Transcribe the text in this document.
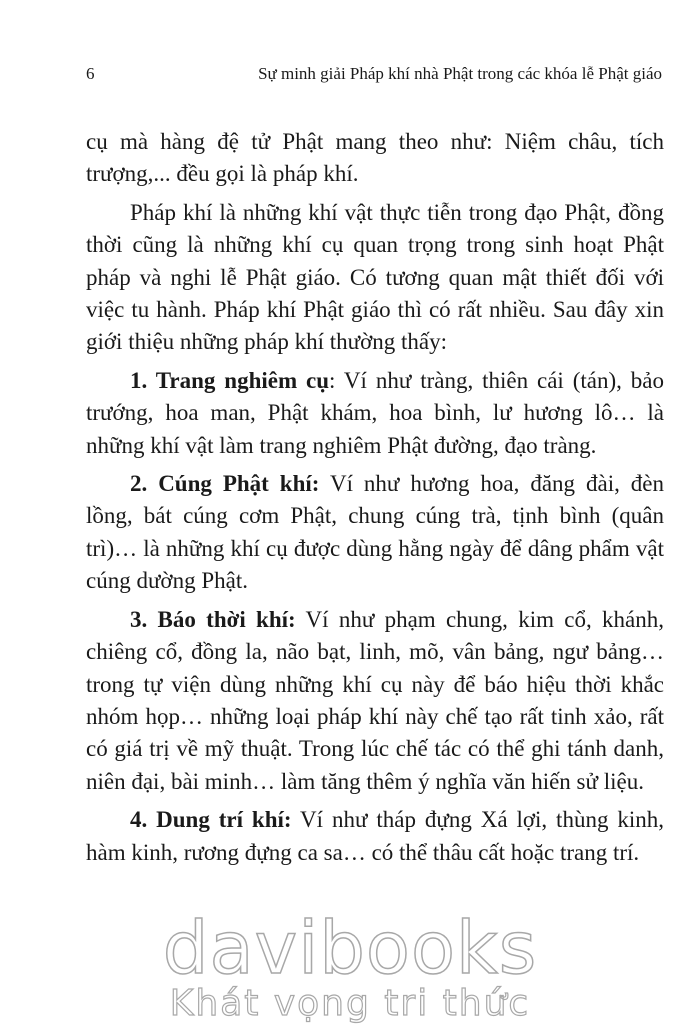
6	Sự minh giải Pháp khí nhà Phật trong các khóa lễ Phật giáo

cụ mà hàng đệ tử Phật mang theo như: Niệm châu, tích trượng,... đều gọi là pháp khí.

Pháp khí là những khí vật thực tiễn trong đạo Phật, đồng thời cũng là những khí cụ quan trọng trong sinh hoạt Phật pháp và nghi lễ Phật giáo. Có tương quan mật thiết đối với việc tu hành. Pháp khí Phật giáo thì có rất nhiều. Sau đây xin giới thiệu những pháp khí thường thấy:

1. Trang nghiêm cụ: Ví như tràng, thiên cái (tán), bảo trướng, hoa man, Phật khám, hoa bình, lư hương lô… là những khí vật làm trang nghiêm Phật đường, đạo tràng.

2. Cúng Phật khí: Ví như hương hoa, đăng đài, đèn lồng, bát cúng cơm Phật, chung cúng trà, tịnh bình (quân trì)… là những khí cụ được dùng hằng ngày để dâng phẩm vật cúng dường Phật.

3. Báo thời khí: Ví như phạm chung, kim cổ, khánh, chiêng cổ, đồng la, não bạt, linh, mõ, vân bảng, ngư bảng… trong tự viện dùng những khí cụ này để báo hiệu thời khắc nhóm họp… những loại pháp khí này chế tạo rất tinh xảo, rất có giá trị về mỹ thuật. Trong lúc chế tác có thể ghi tánh danh, niên đại, bài minh… làm tăng thêm ý nghĩa văn hiến sử liệu.

4. Dung trí khí: Ví như tháp đựng Xá lợi, thùng kinh, hàm kinh, rương đựng ca sa… có thể thâu cất hoặc trang trí.

davibooks
Khát vọng tri thức
